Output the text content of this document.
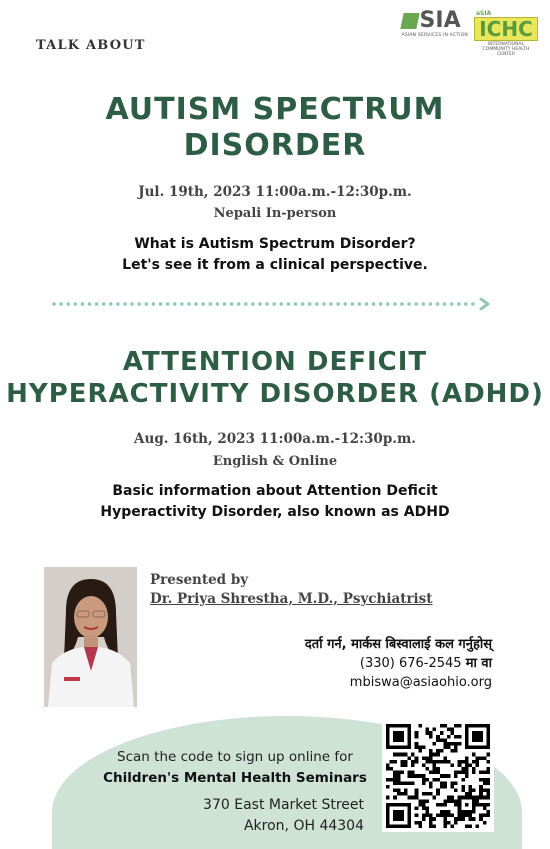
TALK ABOUT
SIA
ASIAN SERVICES IN ACTION
aSIA
ICHC
INTERNATIONAL COMMUNITY HEALTH CENTER
AUTISM SPECTRUM
DISORDER
Jul. 19th, 2023 11:00a.m.-12:30p.m.
Nepali In-person
What is Autism Spectrum Disorder?
Let's see it from a clinical perspective.
ATTENTION DEFICIT
HYPERACTIVITY DISORDER (ADHD)
Aug. 16th, 2023 11:00a.m.-12:30p.m.
English & Online
Basic information about Attention Deficit
Hyperactivity Disorder, also known as ADHD
Presented by
Dr. Priya Shrestha, M.D., Psychiatrist
दर्ता गर्न, मार्कस बिस्वालाई कल गर्नुहोस्
(330) 676-2545 मा वा
mbiswa@asiaohio.org
Scan the code to sign up online for
Children's Mental Health Seminars
370 East Market Street
Akron, OH 44304
